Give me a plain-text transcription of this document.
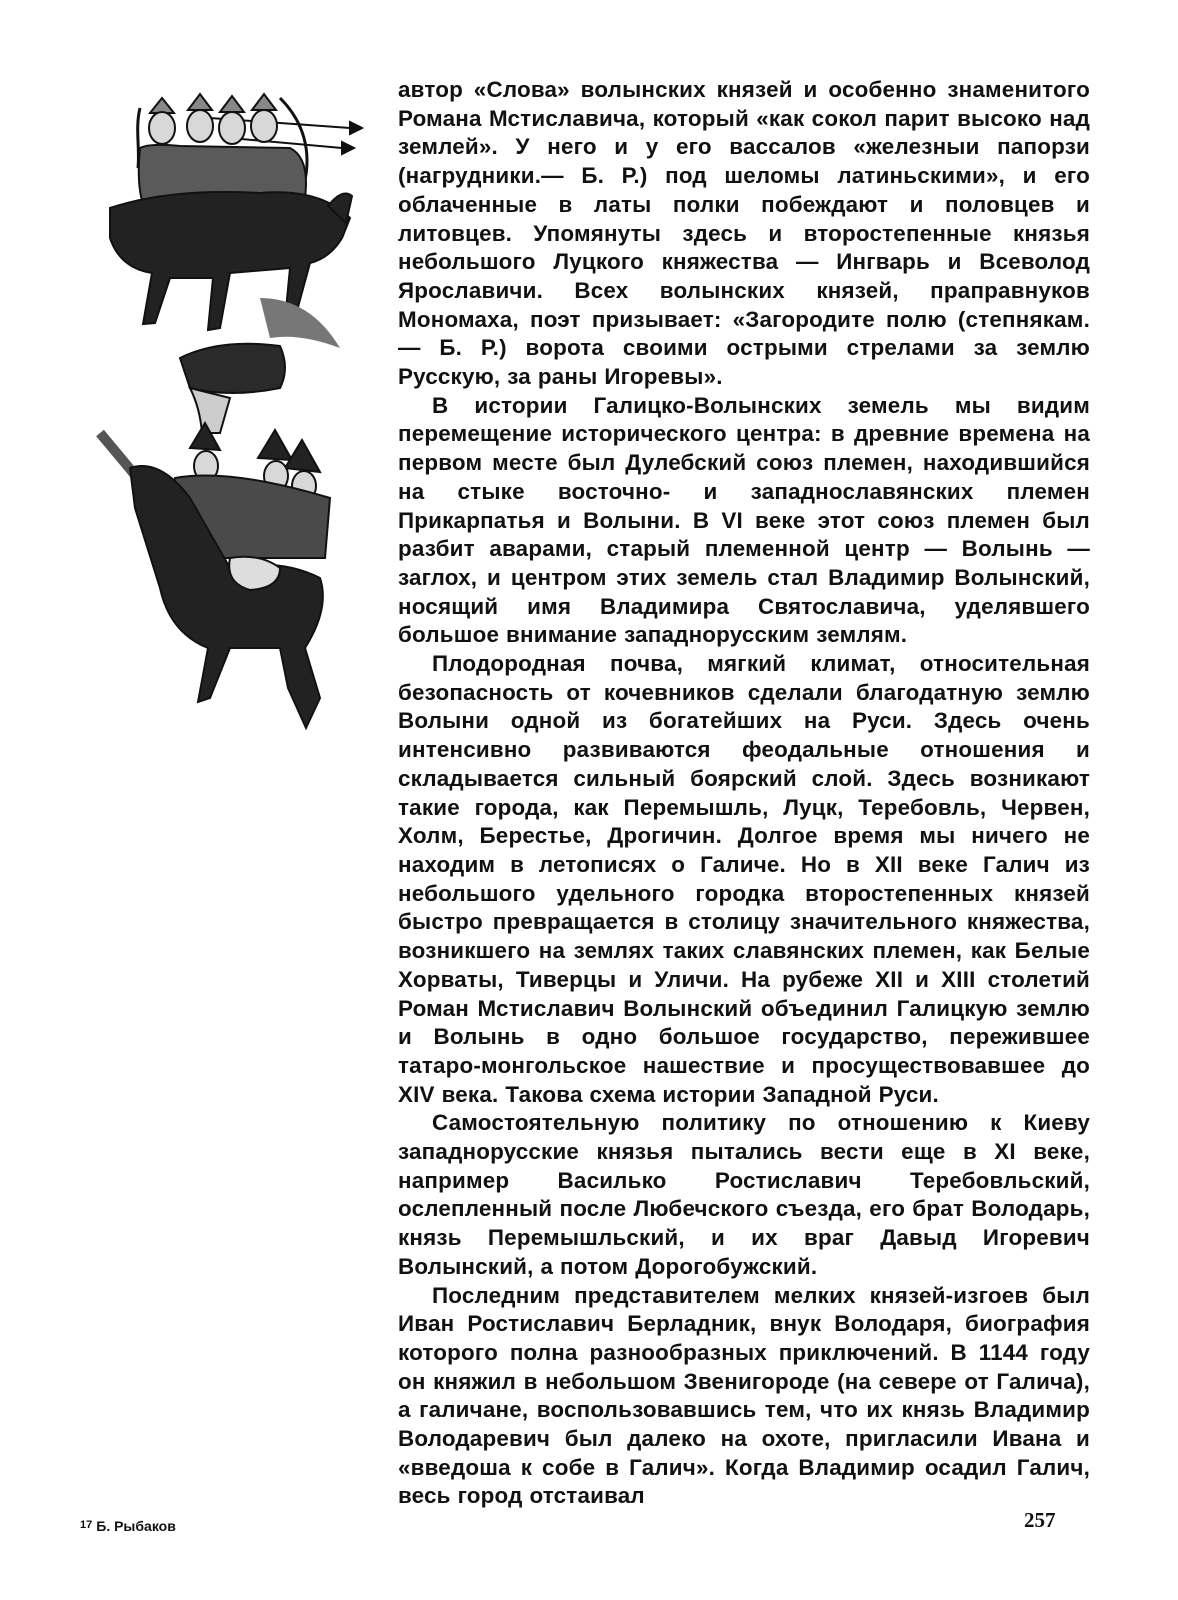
автор «Слова» волынских князей и особенно знаменитого Романа Мстиславича, который «как сокол парит высоко над землей». У него и у его вассалов «железныи папорзи (нагрудники.— Б. Р.) под шеломы латиньскими», и его облаченные в латы полки побеждают и половцев и литовцев. Упомянуты здесь и второстепенные князья небольшого Луцкого княжества — Ингварь и Всеволод Ярославичи. Всех волынских князей, праправнуков Мономаха, поэт призывает: «Загородите полю (степнякам.— Б. Р.) ворота своими острыми стрелами за землю Русскую, за раны Игоревы».

В истории Галицко-Волынских земель мы видим перемещение исторического центра: в древние времена на первом месте был Дулебский союз племен, находившийся на стыке восточно- и западнославянских племен Прикарпатья и Волыни. В VI веке этот союз племен был разбит аварами, старый племенной центр — Волынь — заглох, и центром этих земель стал Владимир Волынский, носящий имя Владимира Святославича, уделявшего большое внимание западнорусским землям.

Плодородная почва, мягкий климат, относительная безопасность от кочевников сделали благодатную землю Волыни одной из богатейших на Руси. Здесь очень интенсивно развиваются феодальные отношения и складывается сильный боярский слой. Здесь возникают такие города, как Перемышль, Луцк, Теребовль, Червен, Холм, Берестье, Дрогичин. Долгое время мы ничего не находим в летописях о Галиче. Но в XII веке Галич из небольшого удельного городка второстепенных князей быстро превращается в столицу значительного княжества, возникшего на землях таких славянских племен, как Белые Хорваты, Тиверцы и Уличи. На рубеже XII и XIII столетий Роман Мстиславич Волынский объединил Галицкую землю и Волынь в одно большое государство, пережившее татаро-монгольское нашествие и просуществовавшее до XIV века. Такова схема истории Западной Руси.

Самостоятельную политику по отношению к Киеву западнорусские князья пытались вести еще в XI веке, например Василько Ростиславич Теребовльский, ослепленный после Любечского съезда, его брат Володарь, князь Перемышльский, и их враг Давыд Игоревич Волынский, а потом Дорогобужский.

Последним представителем мелких князей-изгоев был Иван Ростиславич Берладник, внук Володаря, биография которого полна разнообразных приключений. В 1144 году он княжил в небольшом Звенигороде (на севере от Галича), а галичане, воспользовавшись тем, что их князь Владимир Володаревич был далеко на охоте, пригласили Ивана и «введоша к собе в Галич». Когда Владимир осадил Галич, весь город отстаивал

$^{17}$ Б. Рыбаков	257
